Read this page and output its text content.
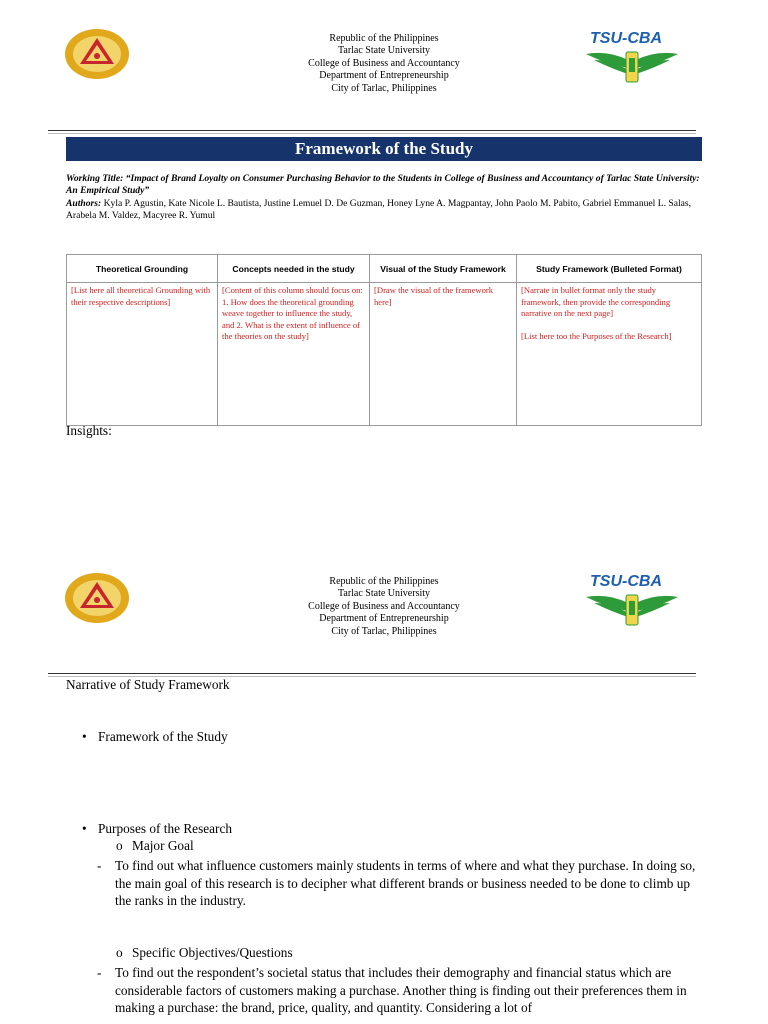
Republic of the Philippines
Tarlac State University
College of Business and Accountancy
Department of Entrepreneurship
City of Tarlac, Philippines
TSU-CBA
Framework of the Study
Working Title: “Impact of Brand Loyalty on Consumer Purchasing Behavior to the Students in College of Business and Accountancy of Tarlac State University: An Empirical Study”
Authors: Kyla P. Agustin, Kate Nicole L. Bautista, Justine Lemuel D. De Guzman, Honey Lyne A. Magpantay, John Paolo M. Pabito, Gabriel Emmanuel L. Salas, Arabela M. Valdez, Macyree R. Yumul
Theoretical Grounding	Concepts needed in the study	Visual of the Study Framework	Study Framework (Bulleted Format)
[List here all theoretical Grounding with their respective descriptions]	[Content of this column should focus on: 1. How does the theoretical grounding weave together to influence the study, and 2. What is the extent of influence of the theories on the study]	[Draw the visual of the framework here]	[Narrate in bullet format only the study framework, then provide the corresponding narrative on the next page]

[List here too the Purposes of the Research]

Insights:
Republic of the Philippines
Tarlac State University
College of Business and Accountancy
Department of Entrepreneurship
City of Tarlac, Philippines
TSU-CBA
Narrative of Study Framework
• Framework of the Study
• Purposes of the Research
o Major Goal
- To find out what influence customers mainly students in terms of where and what they purchase. In doing so, the main goal of this research is to decipher what different brands or business needed to be done to climb up the ranks in the industry.
o Specific Objectives/Questions
- To find out the respondent’s societal status that includes their demography and financial status which are considerable factors of customers making a purchase. Another thing is finding out their preferences them in making a purchase: the brand, price, quality, and quantity. Considering a lot of
